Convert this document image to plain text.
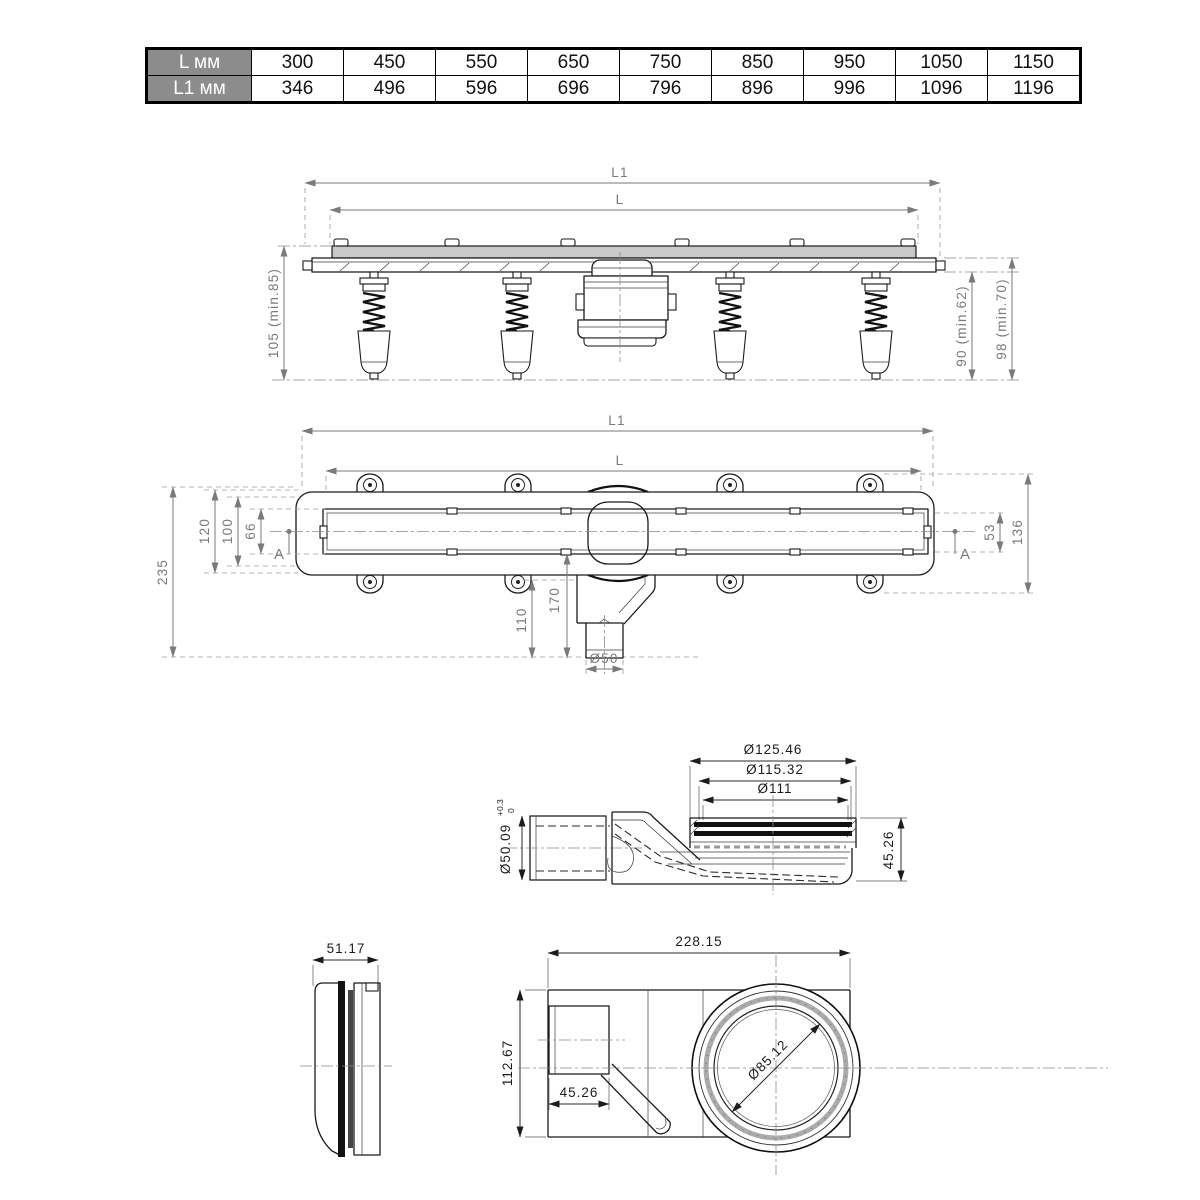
L мм	300	450	550	650	750	850	950	1050	1150
L1 мм	346	496	596	696	796	896	996	1096	1196
L1
L
105 (min.85)	90 (min.62) 98 (min.70)
L1
L
A	A
66
100
120
235
53 136
110
170
Ø50
Ø125.46
Ø115.32
Ø111
Ø50.09
+0.3 0
45.26
51.17	228.15
112.67
45.26
Ø85.12
